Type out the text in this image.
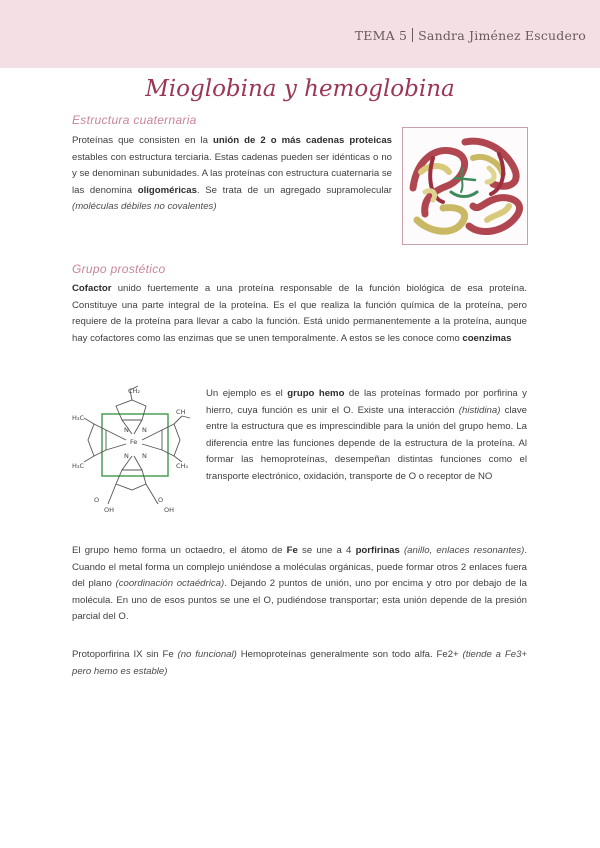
TEMA 5 Sandra Jiménez Escudero
Mioglobina y hemoglobina
Estructura cuaternaria
Proteínas que consisten en la unión de 2 o más cadenas proteicas estables con estructura terciaria. Estas cadenas pueden ser idénticas o no y se denominan subunidades. A las proteínas con estructura cuaternaria se las denomina oligoméricas. Se trata de un agregado supramolecular (moléculas débiles no covalentes)
Grupo prostético
Cofactor unido fuertemente a una proteína responsable de la función biológica de esa proteína. Constituye una parte integral de la proteína. Es el que realiza la función química de la proteína, pero requiere de la proteína para llevar a cabo la función. Está unido permanentemente a la proteína, aunque hay cofactores como las enzimas que se unen temporalmente. A estos se les conoce como coenzimas
CH₂
CH
H₃C
H₃C	CH₃
Fe
N N
N N
O
OH
O
OH
Un ejemplo es el grupo hemo de las proteínas formado por porfirina y hierro, cuya función es unir el O. Existe una interacción (histidina) clave entre la estructura que es imprescindible para la unión del grupo hemo. La diferencia entre las funciones depende de la estructura de la proteína. Al formar las hemoproteínas, desempeñan distintas funciones como el transporte electrónico, oxidación, transporte de O o receptor de NO
El grupo hemo forma un octaedro, el átomo de Fe se une a 4 porfirinas (anillo, enlaces resonantes). Cuando el metal forma un complejo uniéndose a moléculas orgánicas, puede formar otros 2 enlaces fuera del plano (coordinación octaédrica). Dejando 2 puntos de unión, uno por encima y otro por debajo de la molécula. En uno de esos puntos se une el O, pudiéndose transportar; esta unión depende de la presión parcial del O.
Protoporfirina IX sin Fe (no funcional) Hemoproteínas generalmente son todo alfa. Fe2+ (tiende a Fe3+ pero hemo es estable)
